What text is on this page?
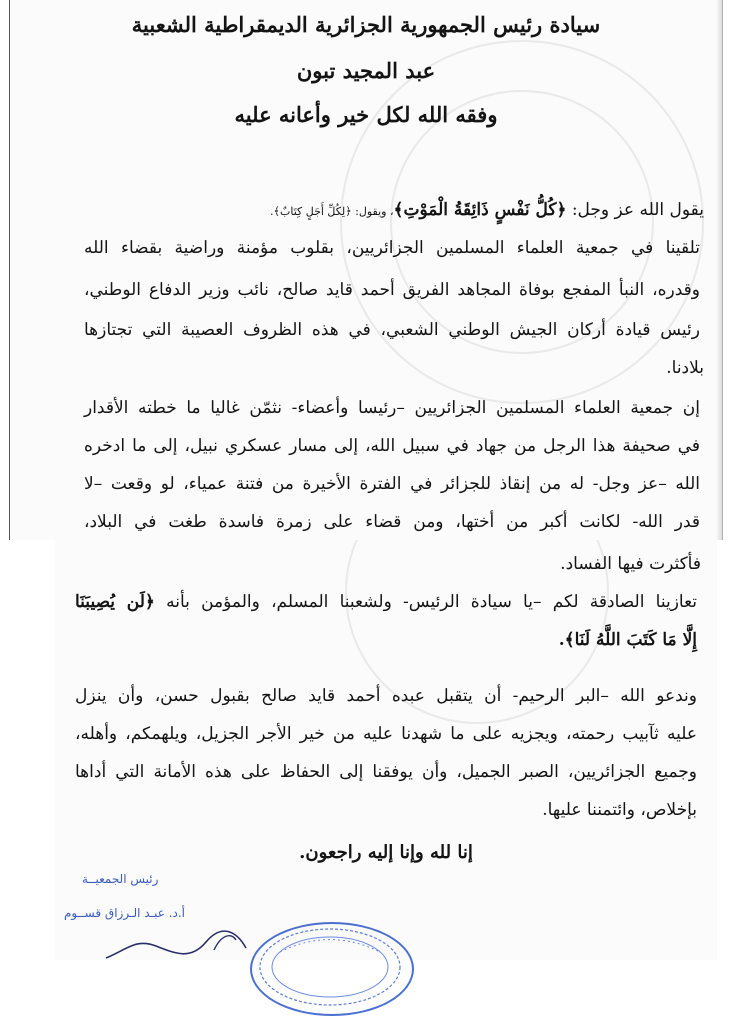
سيادة رئيس الجمهورية الجزائرية الديمقراطية الشعبية
عبد المجيد تبون
وفقه الله لكل خير وأعانه عليه
يقول الله عز وجل: ﴿كُلُّ نَفْسٍ ذَائِقَةُ الْمَوْتِ﴾، ويقول: ﴿لِكُلِّ أَجَلٍ كِتَابٌ﴾.
تلقينا في جمعية العلماء المسلمين الجزائريين، بقلوب مؤمنة وراضية بقضاء الله
وقدره، النبأ المفجع بوفاة المجاهد الفريق أحمد قايد صالح، نائب وزير الدفاع الوطني،
رئيس قيادة أركان الجيش الوطني الشعبي، في هذه الظروف العصيبة التي تجتازها
بلادنا.
إن جمعية العلماء المسلمين الجزائريين –رئيسا وأعضاء- نثمّن غاليا ما خطته الأقدار
في صحيفة هذا الرجل من جهاد في سبيل الله، إلى مسار عسكري نبيل، إلى ما ادخره
الله –عز وجل- له من إنقاذ للجزائر في الفترة الأخيرة من فتنة عمياء، لو وقعت –لا
قدر الله- لكانت أكبر من أختها، ومن قضاء على زمرة فاسدة طغت في البلاد،
فأكثرت فيها الفساد.
تعازينا الصادقة لكم –يا سيادة الرئيس- ولشعبنا المسلم، والمؤمن بأنه ﴿لَن يُصِيبَنَا
إِلَّا مَا كَتَبَ اللَّهُ لَنَا﴾.
وندعو الله –البر الرحيم- أن يتقبل عبده أحمد قايد صالح بقبول حسن، وأن ينزل
عليه ثآبيب رحمته، ويجزيه على ما شهدنا عليه من خير الأجر الجزيل، ويلهمكم، وأهله،
وجميع الجزائريين، الصبر الجميل، وأن يوفقنا إلى الحفاظ على هذه الأمانة التي أداها
بإخلاص، وائتمننا عليها.
إنا لله وإنا إليه راجعون.
رئيس الجمعيــة
أ.د. عبـد الـرزاق قســوم
